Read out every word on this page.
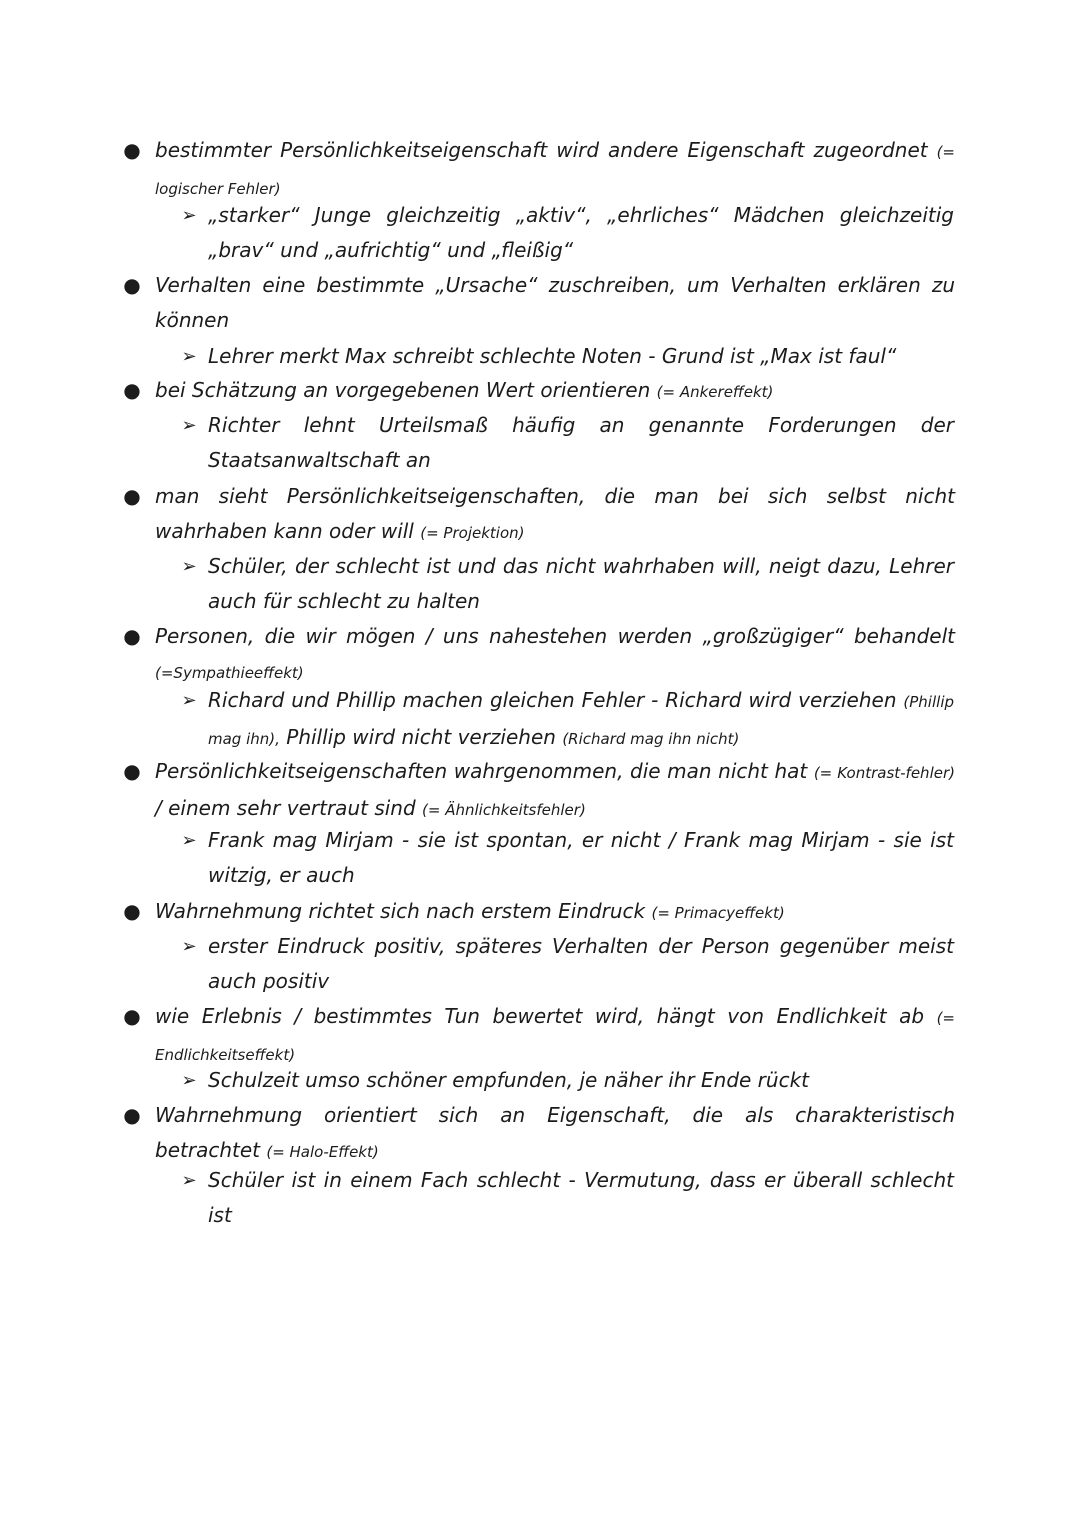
● bestimmter Persönlichkeitseigenschaft wird andere Eigenschaft zugeordnet (= logischer Fehler)
➢ „starker“ Junge gleichzeitig „aktiv“, „ehrliches“ Mädchen gleichzeitig „brav“ und „aufrichtig“ und „fleißig“
● Verhalten eine bestimmte „Ursache“ zuschreiben, um Verhalten erklären zu können
➢ Lehrer merkt Max schreibt schlechte Noten - Grund ist „Max ist faul“
● bei Schätzung an vorgegebenen Wert orientieren (= Ankereffekt)
➢ Richter lehnt Urteilsmaß häufig an genannte Forderungen der Staatsanwaltschaft an
● man sieht Persönlichkeitseigenschaften, die man bei sich selbst nicht wahrhaben kann oder will (= Projektion)
➢ Schüler, der schlecht ist und das nicht wahrhaben will, neigt dazu, Lehrer auch für schlecht zu halten
● Personen, die wir mögen / uns nahestehen werden „großzügiger“ behandelt (=Sympathieeffekt)
➢ Richard und Phillip machen gleichen Fehler - Richard wird verziehen (Phillip mag ihn), Phillip wird nicht verziehen (Richard mag ihn nicht)
● Persönlichkeitseigenschaften wahrgenommen, die man nicht hat (= Kontrast-fehler) / einem sehr vertraut sind (= Ähnlichkeitsfehler)
➢ Frank mag Mirjam - sie ist spontan, er nicht / Frank mag Mirjam - sie ist witzig, er auch
● Wahrnehmung richtet sich nach erstem Eindruck (= Primacyeffekt)
➢ erster Eindruck positiv, späteres Verhalten der Person gegenüber meist auch positiv
● wie Erlebnis / bestimmtes Tun bewertet wird, hängt von Endlichkeit ab (= Endlichkeitseffekt)
➢ Schulzeit umso schöner empfunden, je näher ihr Ende rückt
● Wahrnehmung orientiert sich an Eigenschaft, die als charakteristisch betrachtet (= Halo-Effekt)
➢ Schüler ist in einem Fach schlecht - Vermutung, dass er überall schlecht ist
